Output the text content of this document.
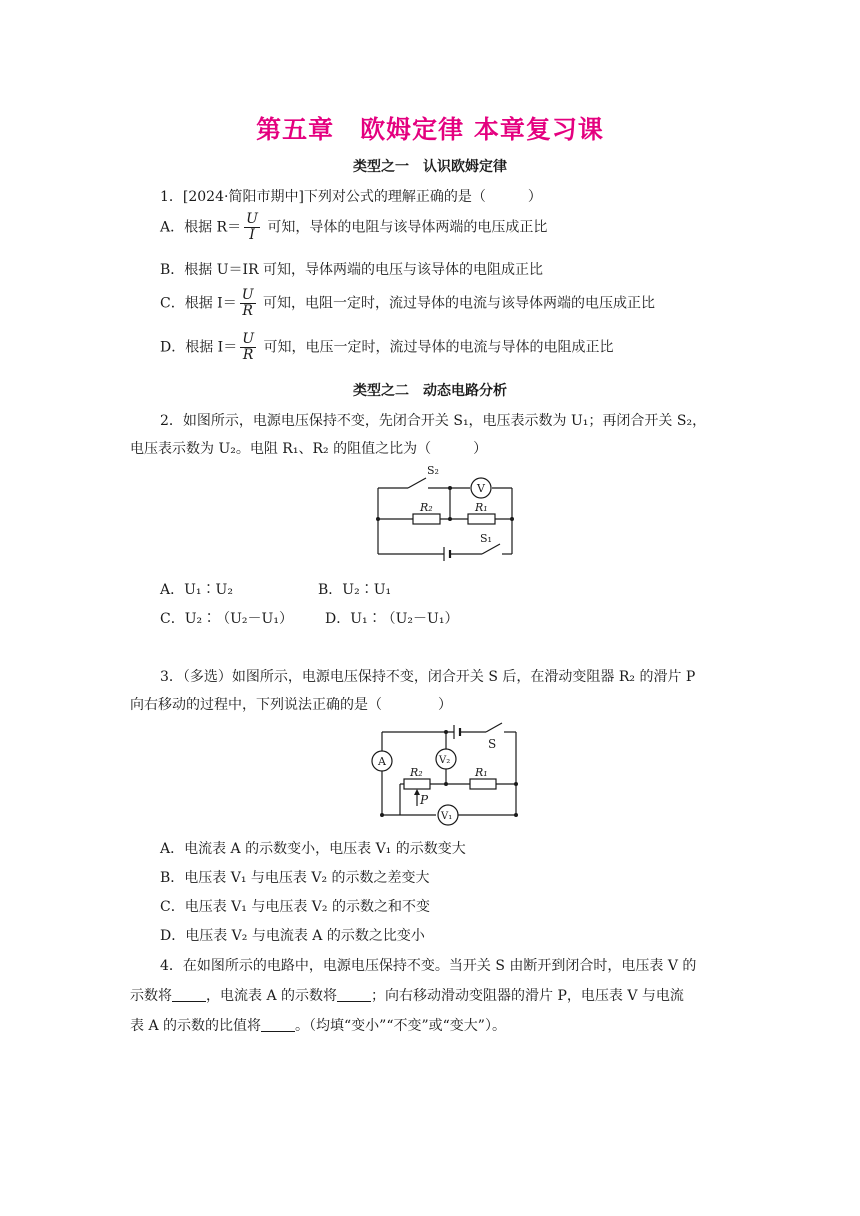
第五章　欧姆定律 本章复习课
类型之一　认识欧姆定律
1．[2024·简阳市期中]下列对公式的理解正确的是（　　　）
A．根据 $R= \frac{U}{I}$ 可知，导体的电阻与该导体两端的电压成正比
B．根据 U＝IR 可知，导体两端的电压与该导体的电阻成正比
C．根据 $I= \frac{U}{R}$ 可知，电阻一定时，流过导体的电流与该导体两端的电压成正比
D．根据 $I= \frac{U}{R}$ 可知，电压一定时，流过导体的电流与导体的电阻成正比
类型之二　动态电路分析
2．如图所示，电源电压保持不变，先闭合开关 S₁，电压表示数为 U₁；再闭合开关 S₂，
电压表示数为 U₂。电阻 R₁、R₂ 的阻值之比为（　　　）
S₂
V
R₂	R₁
S₁
A．U₁∶U₂	B．U₂∶U₁
C．U₂∶（U₂－U₁） D．U₁∶（U₂－U₁）
3．（多选）如图所示，电源电压保持不变，闭合开关 S 后，在滑动变阻器 R₂ 的滑片 P
向右移动的过程中，下列说法正确的是（　　　　）
S
A	V₂
R₂	R₁
P
V₁
A．电流表 A 的示数变小，电压表 V₁ 的示数变大
B．电压表 V₁ 与电压表 V₂ 的示数之差变大
C．电压表 V₁ 与电压表 V₂ 的示数之和不变
D．电压表 V₂ 与电流表 A 的示数之比变小
4．在如图所示的电路中，电源电压保持不变。当开关 S 由断开到闭合时，电压表 V 的
示数将 ，电流表 A 的示数将 ；向右移动滑动变阻器的滑片 P，电压表 V 与电流
表 A 的示数的比值将 。（均填“变小”“不变”或“变大”）。
